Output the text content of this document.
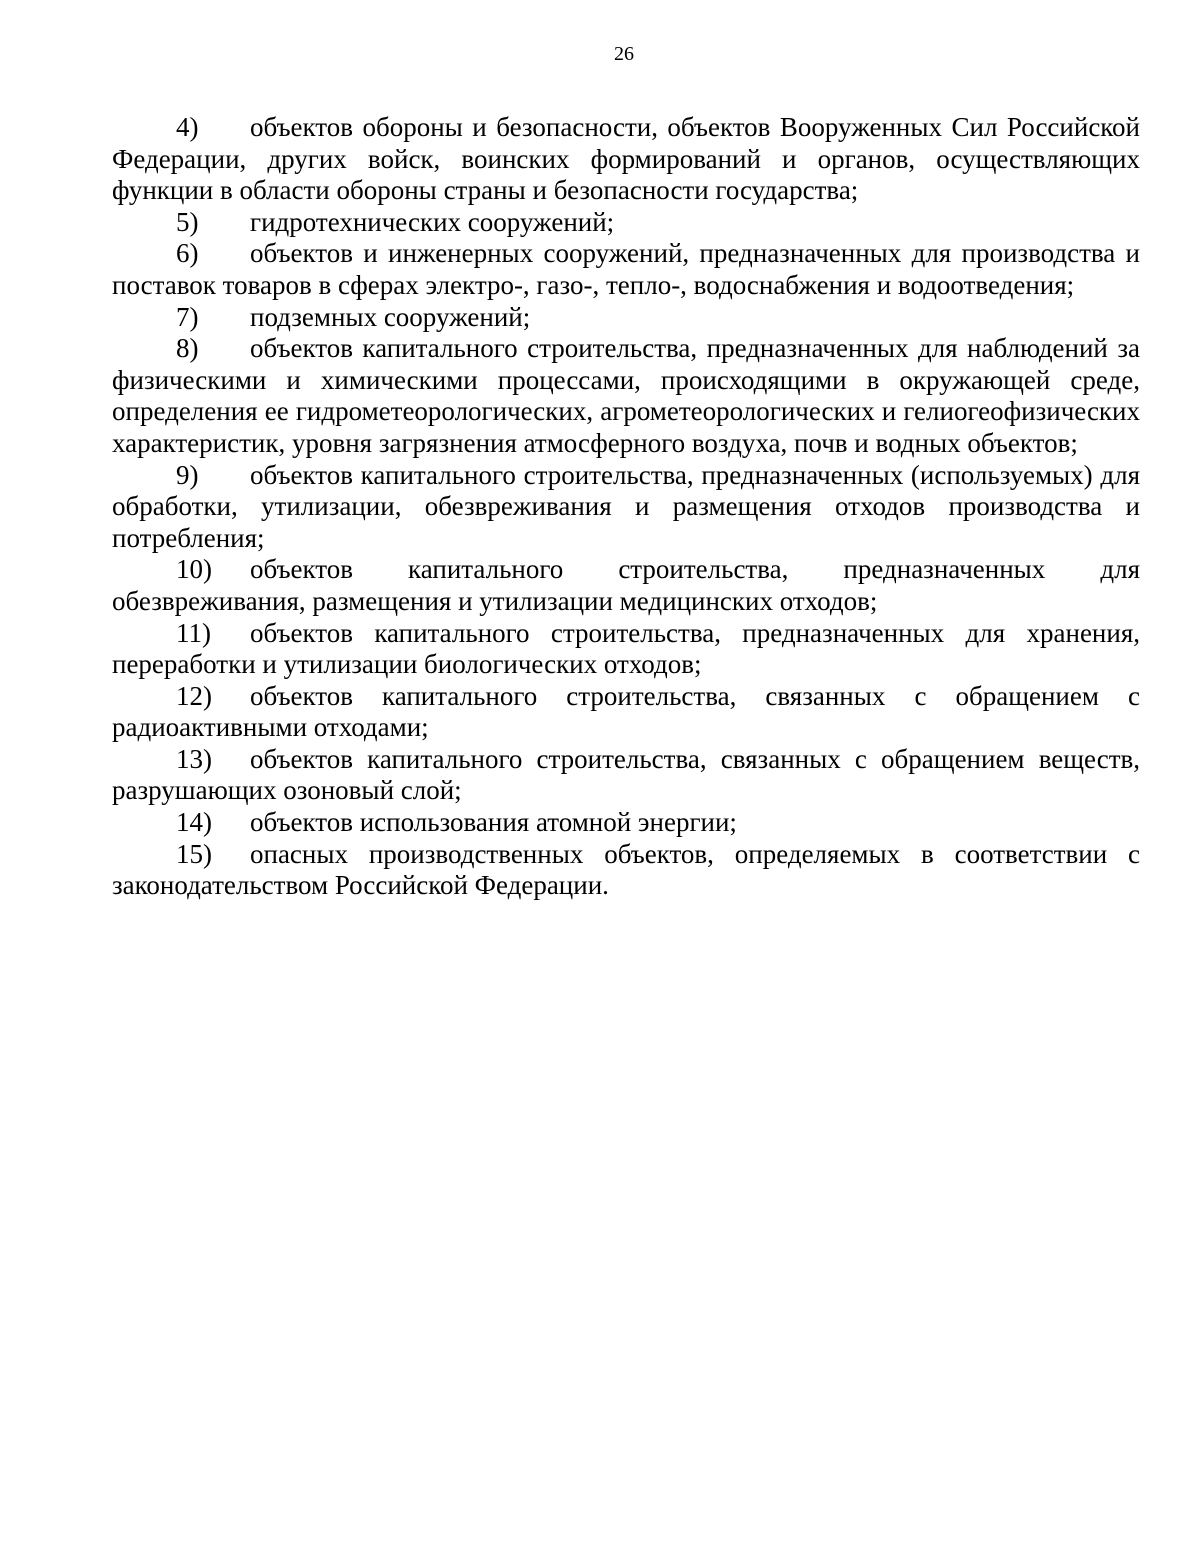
26
4) объектов обороны и безопасности, объектов Вооруженных Сил Российской Федерации, других войск, воинских формирований и органов, осуществляющих функции в области обороны страны и безопасности государства;
5) гидротехнических сооружений;
6) объектов и инженерных сооружений, предназначенных для производства и поставок товаров в сферах электро-, газо-, тепло-, водоснабжения и водоотведения;
7) подземных сооружений;
8) объектов капитального строительства, предназначенных для наблюдений за физическими и химическими процессами, происходящими в окружающей среде, определения ее гидрометеорологических, агрометеорологических и гелиогеофизических характеристик, уровня загрязнения атмосферного воздуха, почв и водных объектов;
9) объектов капитального строительства, предназначенных (используемых) для обработки, утилизации, обезвреживания и размещения отходов производства и потребления;
10) объектов капитального строительства, предназначенных для обезвреживания, размещения и утилизации медицинских отходов;
11) объектов капитального строительства, предназначенных для хранения, переработки и утилизации биологических отходов;
12) объектов капитального строительства, связанных с обращением с радиоактивными отходами;
13) объектов капитального строительства, связанных с обращением веществ, разрушающих озоновый слой;
14) объектов использования атомной энергии;
15) опасных производственных объектов, определяемых в соответствии с законодательством Российской Федерации.
